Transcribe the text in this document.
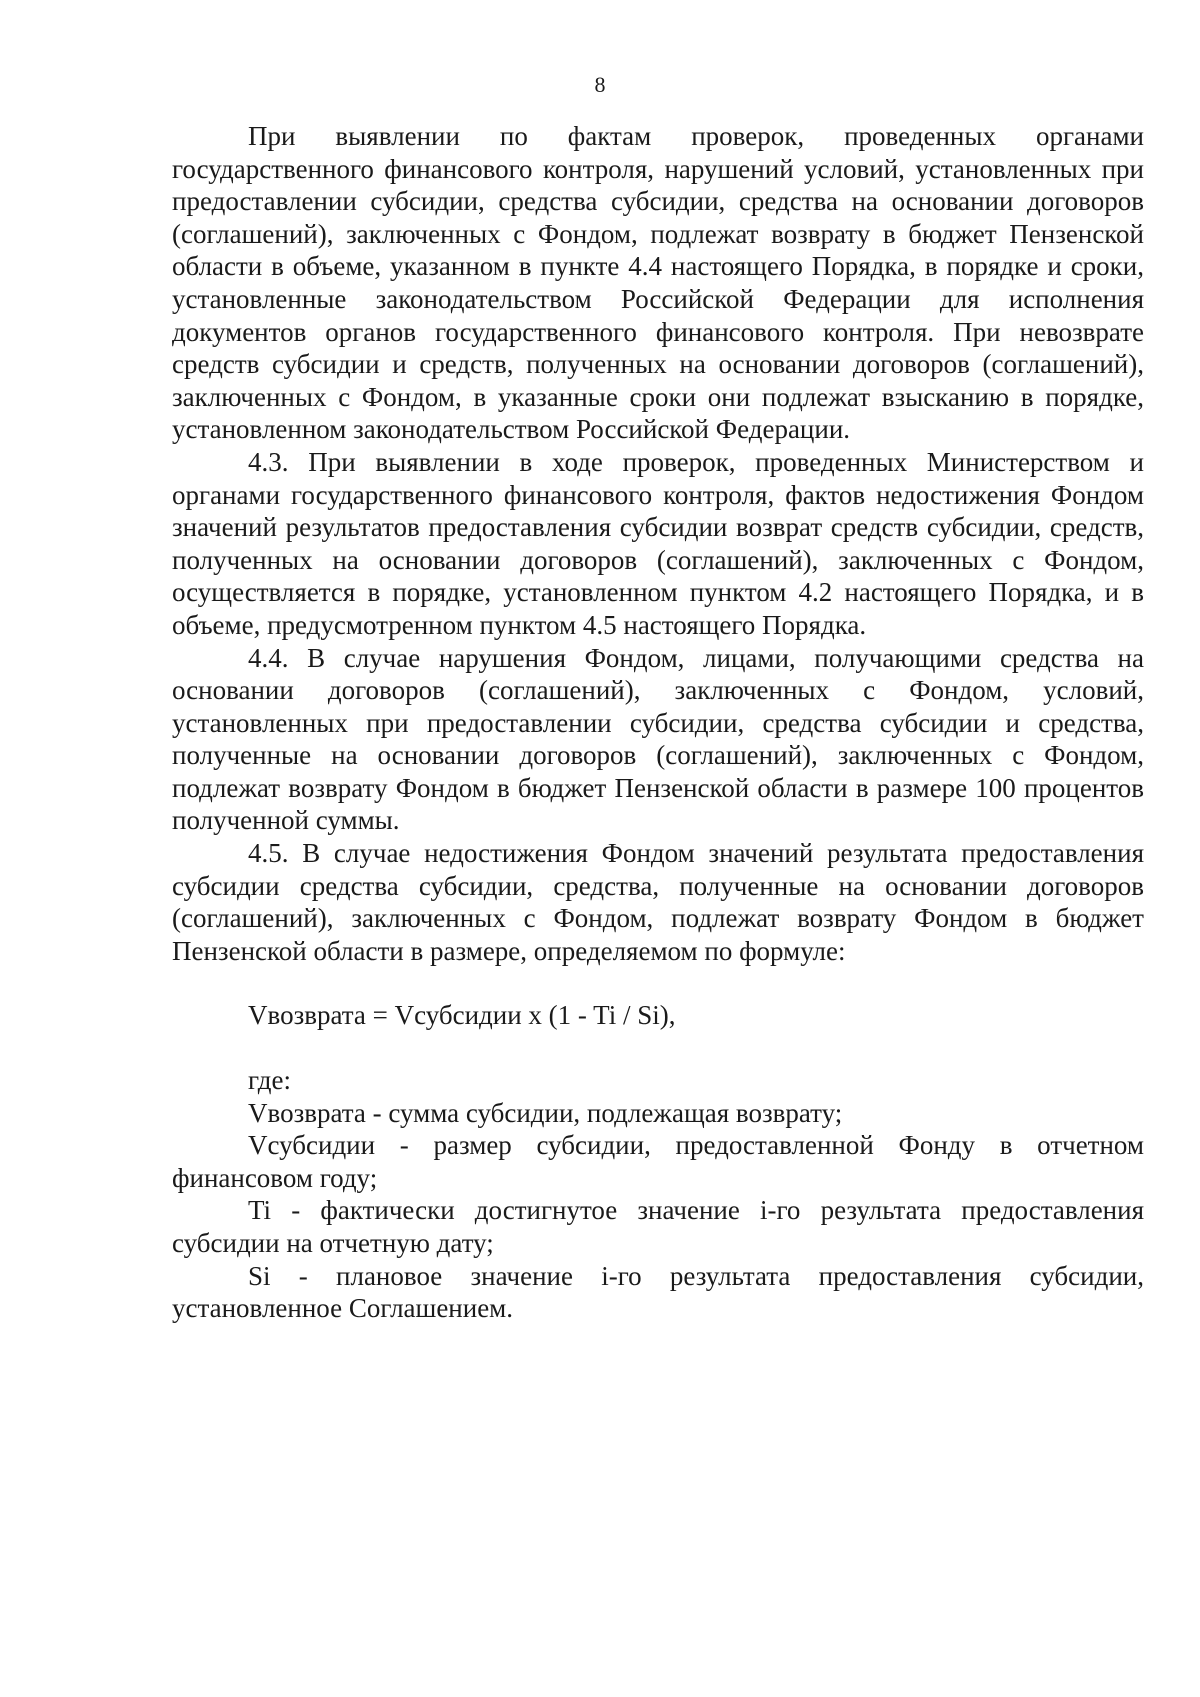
8

При выявлении по фактам проверок, проведенных органами государственного финансового контроля, нарушений условий, установленных при предоставлении субсидии, средства субсидии, средства на основании договоров (соглашений), заключенных с Фондом, подлежат возврату в бюджет Пензенской области в объеме, указанном в пункте 4.4 настоящего Порядка, в порядке и сроки, установленные законодательством Российской Федерации для исполнения документов органов государственного финансового контроля. При невозврате средств субсидии и средств, полученных на основании договоров (соглашений), заключенных с Фондом, в указанные сроки они подлежат взысканию в порядке, установленном законодательством Российской Федерации.

4.3. При выявлении в ходе проверок, проведенных Министерством и органами государственного финансового контроля, фактов недостижения Фондом значений результатов предоставления субсидии возврат средств субсидии, средств, полученных на основании договоров (соглашений), заключенных с Фондом, осуществляется в порядке, установленном пунктом 4.2 настоящего Порядка, и в объеме, предусмотренном пунктом 4.5 настоящего Порядка.

4.4. В случае нарушения Фондом, лицами, получающими средства на основании договоров (соглашений), заключенных с Фондом, условий, установленных при предоставлении субсидии, средства субсидии и средства, полученные на основании договоров (соглашений), заключенных с Фондом, подлежат возврату Фондом в бюджет Пензенской области в размере 100 процентов полученной суммы.

4.5. В случае недостижения Фондом значений результата предоставления субсидии средства субсидии, средства, полученные на основании договоров (соглашений), заключенных с Фондом, подлежат возврату Фондом в бюджет Пензенской области в размере, определяемом по формуле:

Vвозврата = Vсубсидии x (1 - Ti / Si),

где:

Vвозврата - сумма субсидии, подлежащая возврату;

Vсубсидии - размер субсидии, предоставленной Фонду в отчетном финансовом году;

Ti - фактически достигнутое значение i-го результата предоставления субсидии на отчетную дату;

Si - плановое значение i-го результата предоставления субсидии, установленное Соглашением.
